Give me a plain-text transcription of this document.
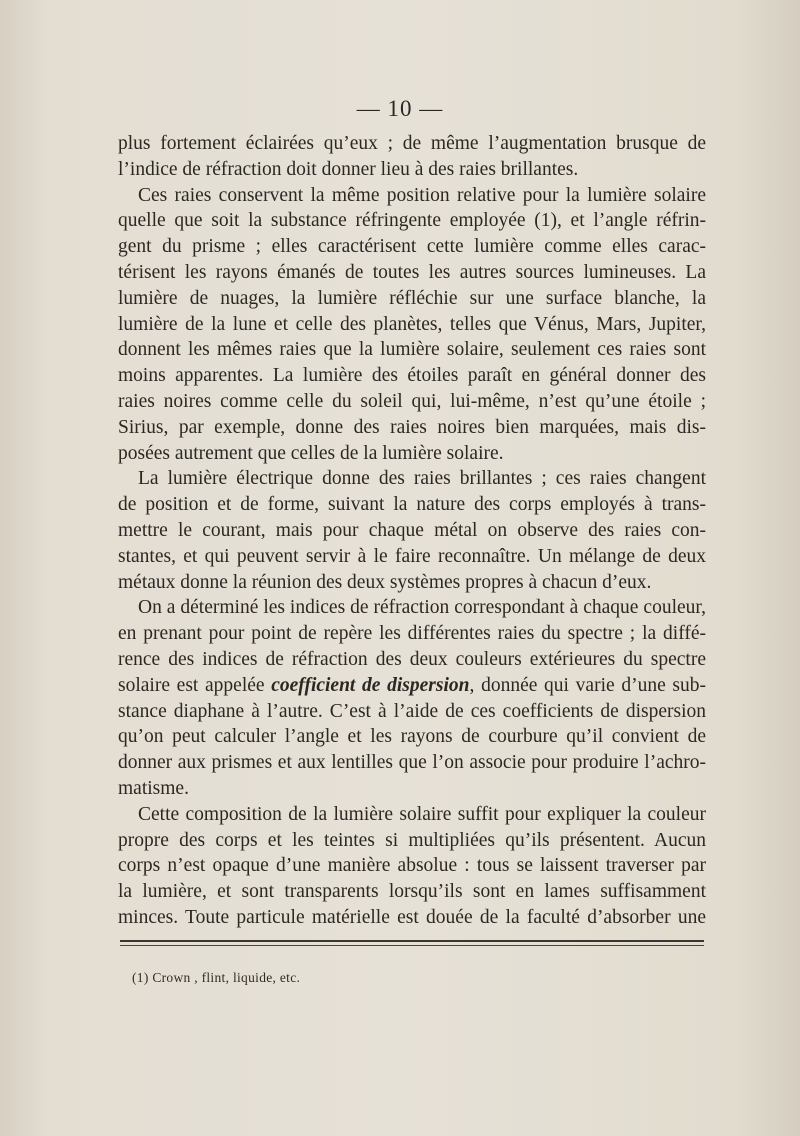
— 10 —
plus fortement éclairées qu’eux ; de même l’augmentation brusque de
l’indice de réfraction doit donner lieu à des raies brillantes.
Ces raies conservent la même position relative pour la lumière solaire
quelle que soit la substance réfringente employée (1), et l’angle réfrin-
gent du prisme ; elles caractérisent cette lumière comme elles carac-
térisent les rayons émanés de toutes les autres sources lumineuses. La
lumière de nuages, la lumière réfléchie sur une surface blanche, la
lumière de la lune et celle des planètes, telles que Vénus, Mars, Jupiter,
donnent les mêmes raies que la lumière solaire, seulement ces raies sont
moins apparentes. La lumière des étoiles paraît en général donner des
raies noires comme celle du soleil qui, lui-même, n’est qu’une étoile ;
Sirius, par exemple, donne des raies noires bien marquées, mais dis-
posées autrement que celles de la lumière solaire.
La lumière électrique donne des raies brillantes ; ces raies changent
de position et de forme, suivant la nature des corps employés à trans-
mettre le courant, mais pour chaque métal on observe des raies con-
stantes, et qui peuvent servir à le faire reconnaître. Un mélange de deux
métaux donne la réunion des deux systèmes propres à chacun d’eux.
On a déterminé les indices de réfraction correspondant à chaque couleur,
en prenant pour point de repère les différentes raies du spectre ; la diffé-
rence des indices de réfraction des deux couleurs extérieures du spectre
solaire est appelée coefficient de dispersion, donnée qui varie d’une sub-
stance diaphane à l’autre. C’est à l’aide de ces coefficients de dispersion
qu’on peut calculer l’angle et les rayons de courbure qu’il convient de
donner aux prismes et aux lentilles que l’on associe pour produire l’achro-
matisme.
Cette composition de la lumière solaire suffit pour expliquer la couleur
propre des corps et les teintes si multipliées qu’ils présentent. Aucun
corps n’est opaque d’une manière absolue : tous se laissent traverser par
la lumière, et sont transparents lorsqu’ils sont en lames suffisamment
minces. Toute particule matérielle est douée de la faculté d’absorber une
(1) Crown , flint, liquide, etc.
